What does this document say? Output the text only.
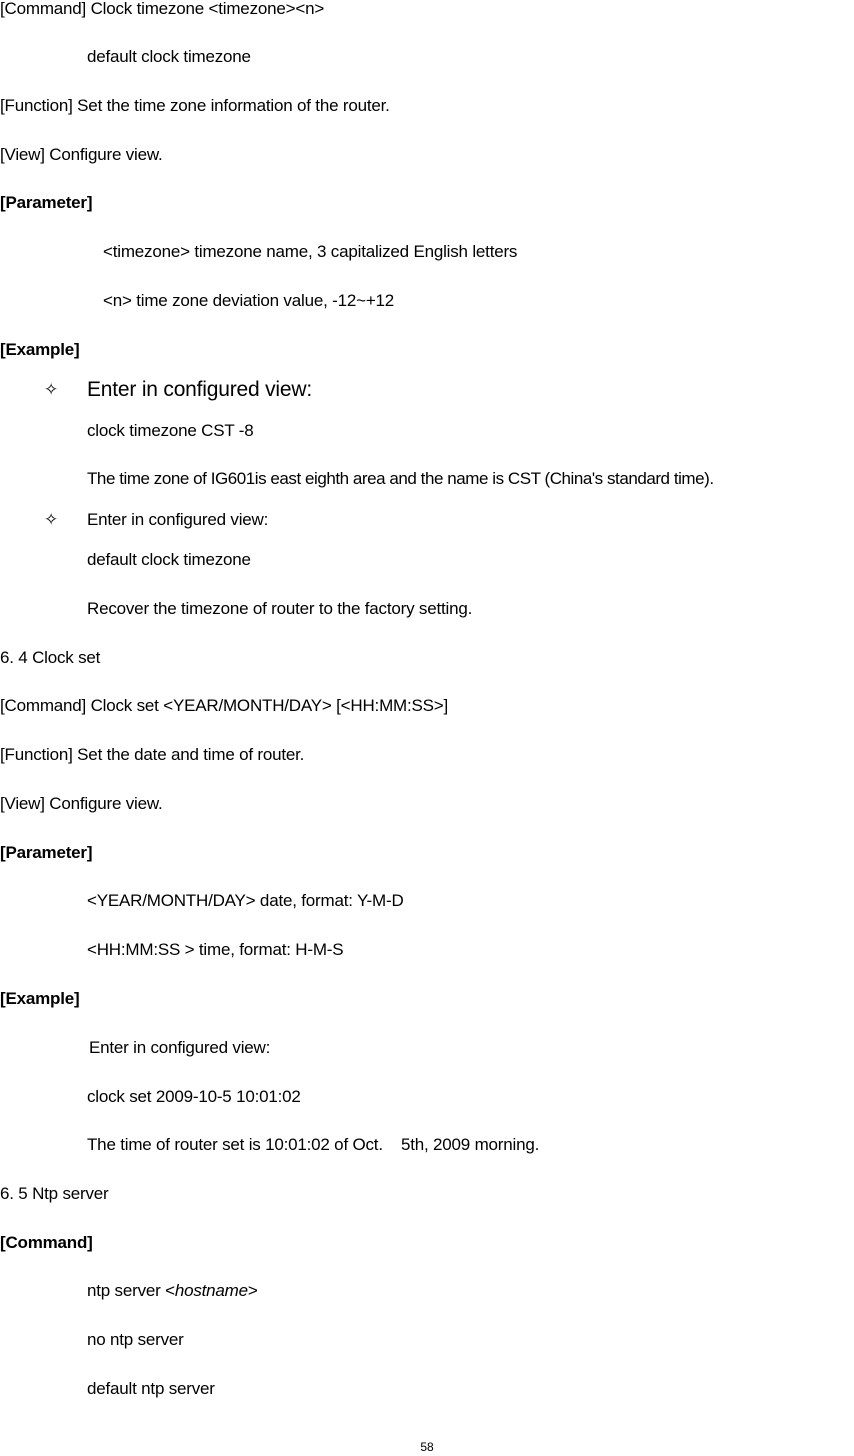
[Command] Clock timezone <timezone><n>
default clock timezone
[Function] Set the time zone information of the router.
[View] Configure view.
[Parameter]
<timezone> timezone name, 3 capitalized English letters
<n> time zone deviation value, -12~+12
[Example]
✧ Enter in configured view:
clock timezone CST -8
The time zone of IG601is east eighth area and the name is CST (China's standard time).
✧ Enter in configured view:
default clock timezone
Recover the timezone of router to the factory setting.
6. 4 Clock set
[Command] Clock set <YEAR/MONTH/DAY> [<HH:MM:SS>]
[Function] Set the date and time of router.
[View] Configure view.
[Parameter]
<YEAR/MONTH/DAY> date, format: Y-M-D
<HH:MM:SS > time, format: H-M-S
[Example]
Enter in configured view:
clock set 2009-10-5 10:01:02
The time of router set is 10:01:02 of Oct.    5th, 2009 morning.
6. 5 Ntp server
[Command]
ntp server <hostname>
no ntp server
default ntp server
58
